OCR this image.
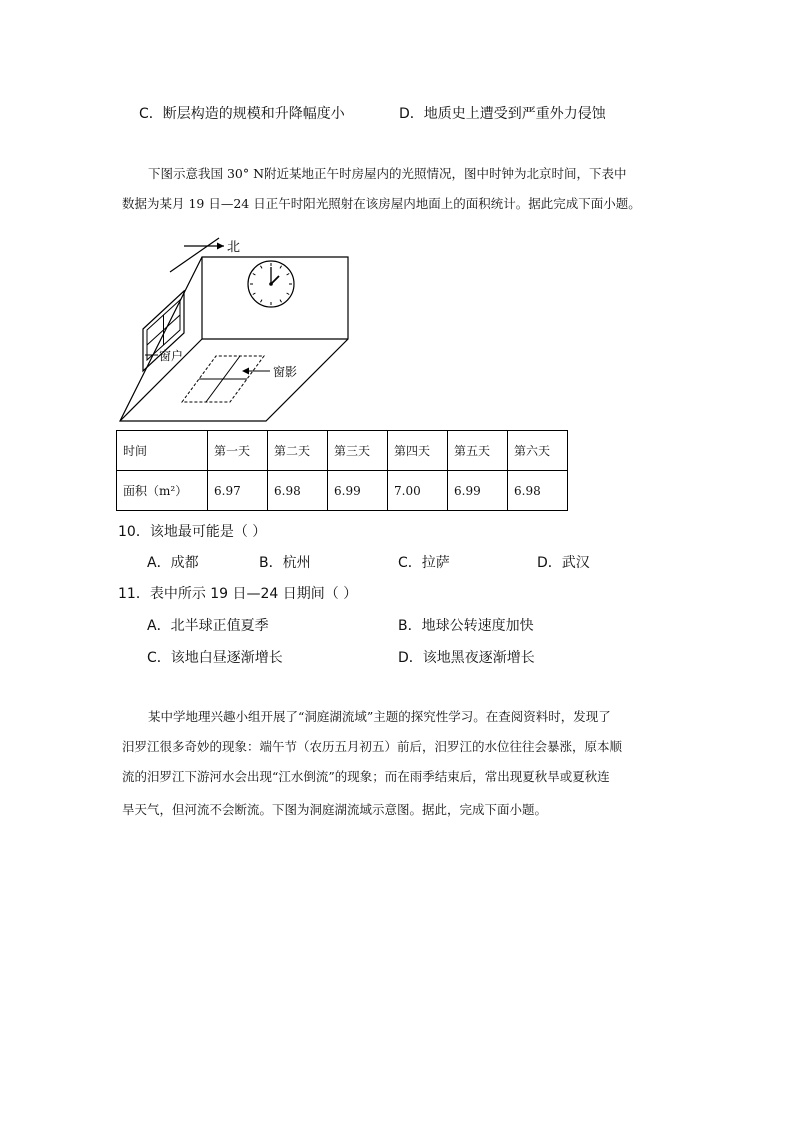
C．断层构造的规模和升降幅度小	D．地质史上遭受到严重外力侵蚀
下图示意我国 30° N附近某地正午时房屋内的光照情况，图中时钟为北京时间，下表中
数据为某月 19 日—24 日正午时阳光照射在该房屋内地面上的面积统计。据此完成下面小题。
北
窗户
窗影
时间	第一天	第二天	第三天	第四天	第五天	第六天
面积（m²）	6.97	6.98	6.99	7.00	6.99	6.98
10．该地最可能是（ ）
A．成都	B．杭州	C．拉萨	D．武汉
11．表中所示 19 日—24 日期间（ ）
A．北半球正值夏季	B．地球公转速度加快
C．该地白昼逐渐增长	D．该地黑夜逐渐增长
某中学地理兴趣小组开展了“洞庭湖流域”主题的探究性学习。在查阅资料时，发现了
汨罗江很多奇妙的现象：端午节（农历五月初五）前后，汨罗江的水位往往会暴涨，原本顺
流的汨罗江下游河水会出现“江水倒流”的现象；而在雨季结束后，常出现夏秋旱或夏秋连
旱天气，但河流不会断流。下图为洞庭湖流域示意图。据此，完成下面小题。
